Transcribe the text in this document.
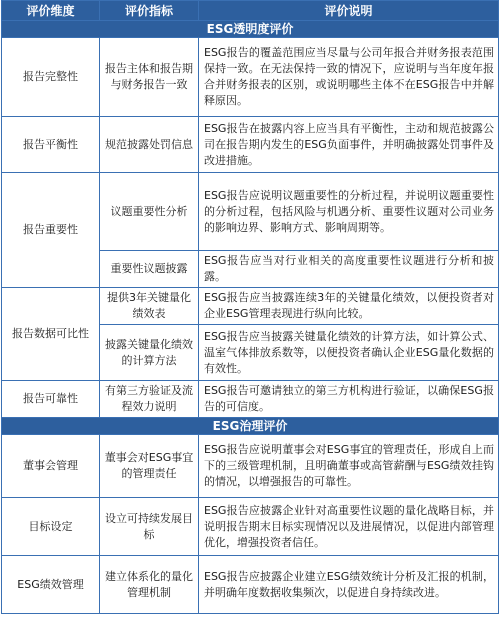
评价维度	评价指标	评价说明
ESG透明度评价		
报告完整性	报告主体和报告期与财务报告一致	ESG报告的覆盖范围应当尽量与公司年报合并财务报表范围保持一致。在无法保持一致的情况下，应说明与当年度年报合并财务报表的区别，或说明哪些主体不在ESG报告中并解释原因。
报告平衡性	规范披露处罚信息	ESG报告在披露内容上应当具有平衡性，主动和规范披露公司在报告期内发生的ESG负面事件，并明确披露处罚事件及改进措施。
报告重要性	议题重要性分析	ESG报告应说明议题重要性的分析过程，并说明议题重要性的分析过程，包括风险与机遇分析、重要性议题对公司业务的影响边界、影响方式、影响周期等。
	重要性议题披露	ESG报告应当对行业相关的高度重要性议题进行分析和披露。
报告数据可比性	提供3年关键量化绩效表	ESG报告应当披露连续3年的关键量化绩效，以便投资者对企业ESG管理表现进行纵向比较。
	披露关键量化绩效的计算方法	ESG报告应当披露关键量化绩效的计算方法，如计算公式、温室气体排放系数等，以便投资者确认企业ESG量化数据的有效性。
报告可靠性	有第三方验证及流程效力说明	ESG报告可邀请独立的第三方机构进行验证，以确保ESG报告的可信度。
ESG治理评价		
董事会管理	董事会对ESG事宜的管理责任	ESG报告应说明董事会对ESG事宜的管理责任，形成自上而下的三级管理机制，且明确董事或高管薪酬与ESG绩效挂钩的情况，以增强报告的可靠性。
目标设定	设立可持续发展目标	ESG报告应披露企业针对高重要性议题的量化战略目标，并说明报告期末目标实现情况以及进展情况，以促进内部管理优化，增强投资者信任。
ESG绩效管理	建立体系化的量化管理机制	ESG报告应披露企业建立ESG绩效统计分析及汇报的机制，并明确年度数据收集频次，以促进自身持续改进。
